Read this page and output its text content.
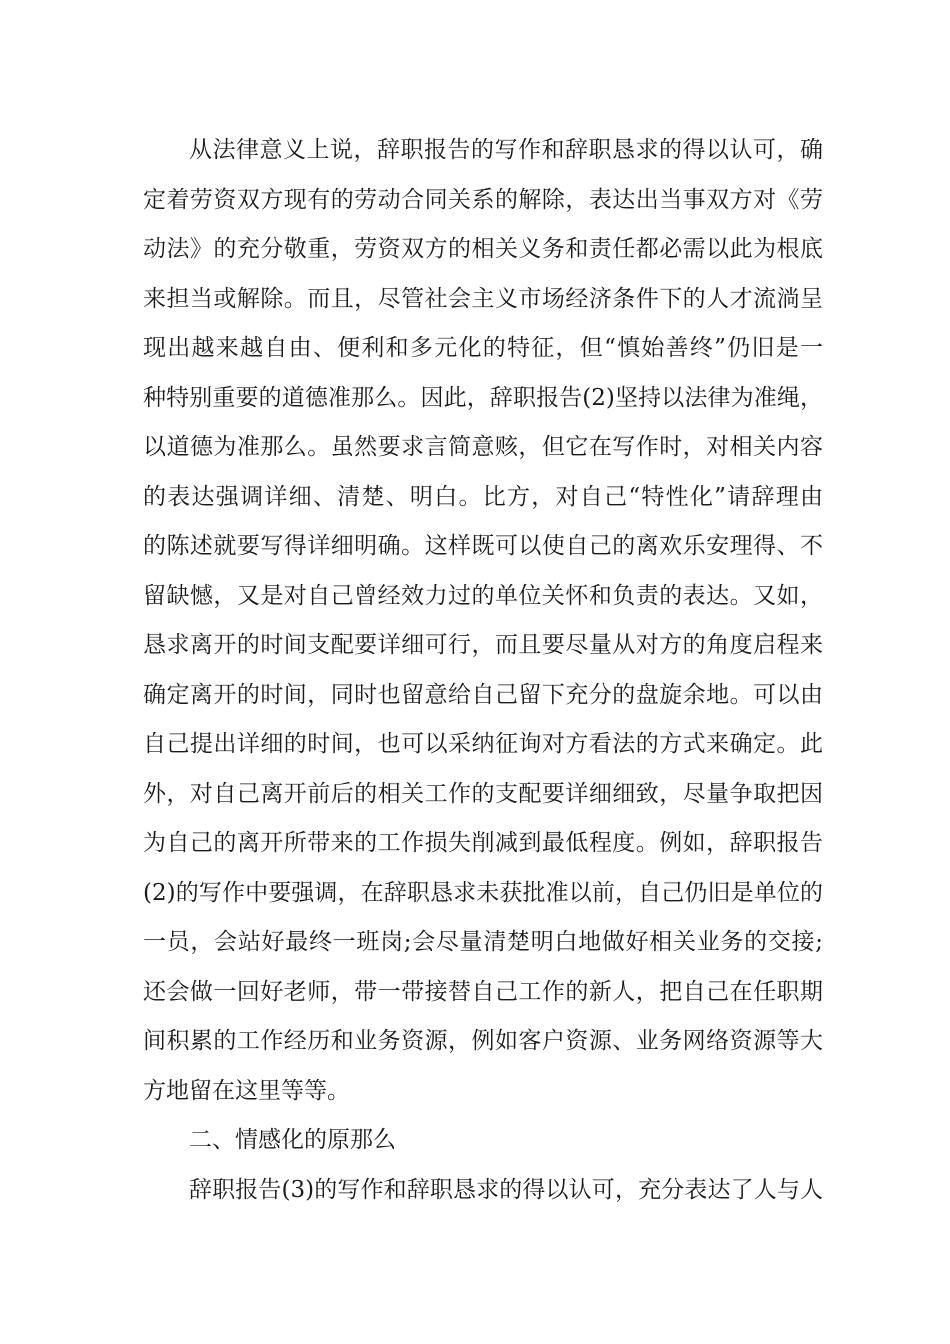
从法律意义上说，辞职报告的写作和辞职恳求的得以认可，确
定着劳资双方现有的劳动合同关系的解除，表达出当事双方对《劳
动法》的充分敬重，劳资双方的相关义务和责任都必需以此为根底
来担当或解除。而且，尽管社会主义市场经济条件下的人才流淌呈
现出越来越自由、便利和多元化的特征，但“慎始善终”仍旧是一
种特别重要的道德准那么。因此，辞职报告(2)坚持以法律为准绳，
以道德为准那么。虽然要求言简意赅，但它在写作时，对相关内容
的表达强调详细、清楚、明白。比方，对自己“特性化”请辞理由
的陈述就要写得详细明确。这样既可以使自己的离欢乐安理得、不
留缺憾，又是对自己曾经效力过的单位关怀和负责的表达。又如，
恳求离开的时间支配要详细可行，而且要尽量从对方的角度启程来
确定离开的时间，同时也留意给自己留下充分的盘旋余地。可以由
自己提出详细的时间，也可以采纳征询对方看法的方式来确定。此
外，对自己离开前后的相关工作的支配要详细细致，尽量争取把因
为自己的离开所带来的工作损失削减到最低程度。例如，辞职报告
(2)的写作中要强调，在辞职恳求未获批准以前，自己仍旧是单位的
一员，会站好最终一班岗;会尽量清楚明白地做好相关业务的交接;
还会做一回好老师，带一带接替自己工作的新人，把自己在任职期
间积累的工作经历和业务资源，例如客户资源、业务网络资源等大
方地留在这里等等。
二、情感化的原那么
辞职报告(3)的写作和辞职恳求的得以认可，充分表达了人与人
